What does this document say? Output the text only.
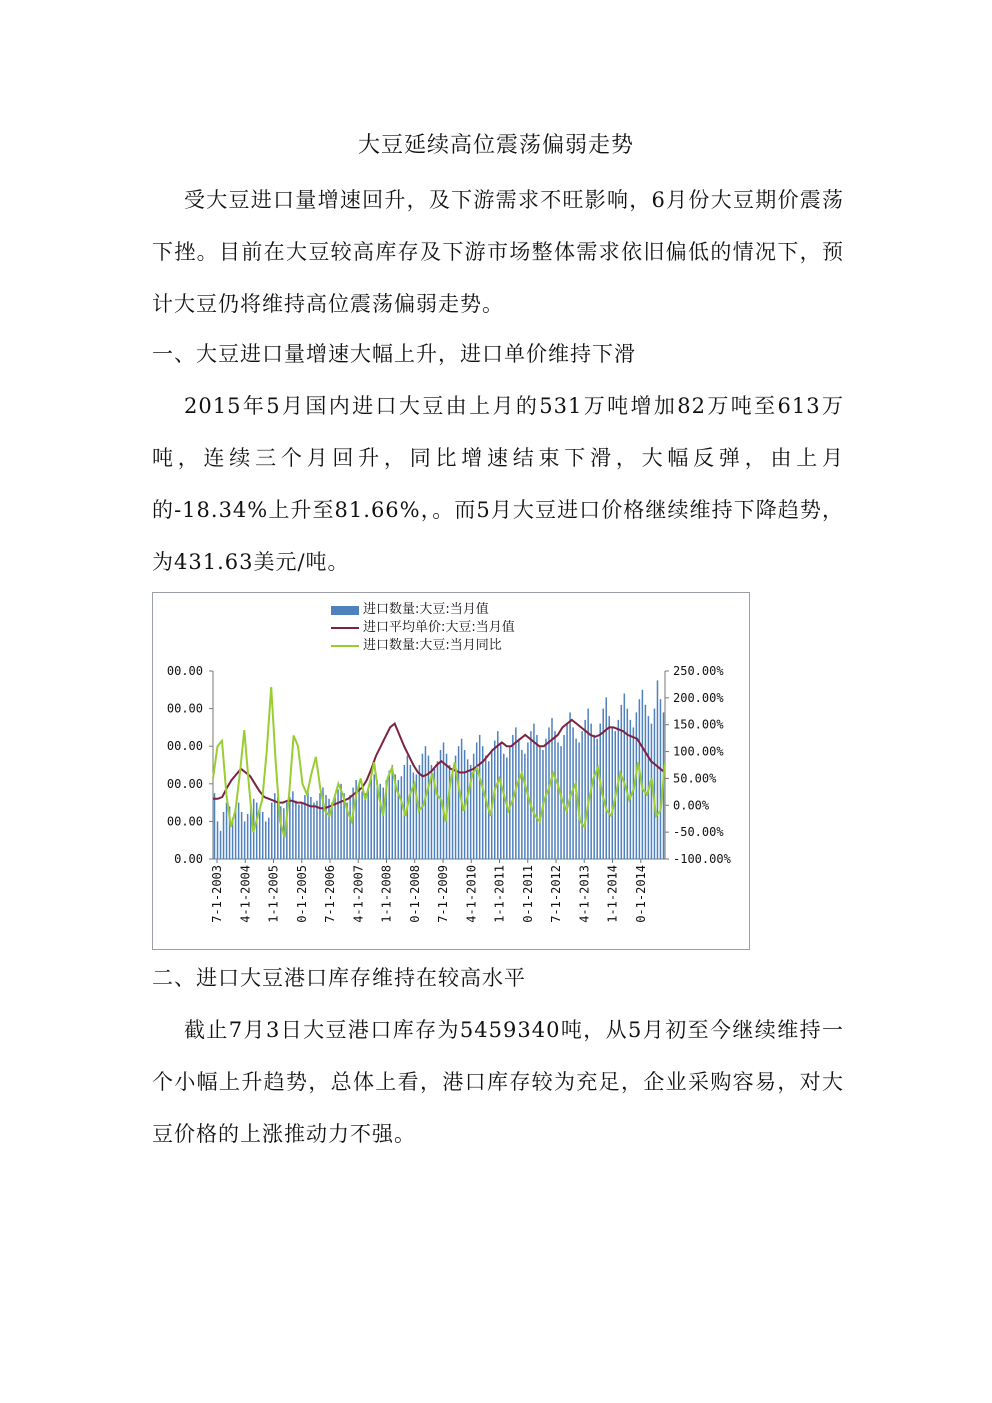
大豆延续高位震荡偏弱走势

受大豆进口量增速回升，及下游需求不旺影响，6月份大豆期价震荡下挫。目前在大豆较高库存及下游市场整体需求依旧偏低的情况下，预计大豆仍将维持高位震荡偏弱走势。

一、大豆进口量增速大幅上升，进口单价维持下滑

2015年5月国内进口大豆由上月的531万吨增加82万吨至613万吨，连续三个月回升，同比增速结束下滑，大幅反弹，由上月的-18.34%上升至81.66%，。而5月大豆进口价格继续维持下降趋势，为431.63美元/吨。

进口数量:大豆:当月值
进口平均单价:大豆:当月值
进口数量:大豆:当月同比
00.00
00.00
00.00
00.00
00.00
0.00
250.00%
200.00%
150.00%
100.00%
50.00%
0.00%
-50.00%
-100.00%
7-1-2003 4-1-2004 1-1-2005 0-1-2005 7-1-2006 4-1-2007 1-1-2008 0-1-2008 7-1-2009 4-1-2010 1-1-2011 0-1-2011 7-1-2012 4-1-2013 1-1-2014 0-1-2014

二、进口大豆港口库存维持在较高水平

截止7月3日大豆港口库存为5459340吨，从5月初至今继续维持一个小幅上升趋势，总体上看，港口库存较为充足，企业采购容易，对大豆价格的上涨推动力不强。
